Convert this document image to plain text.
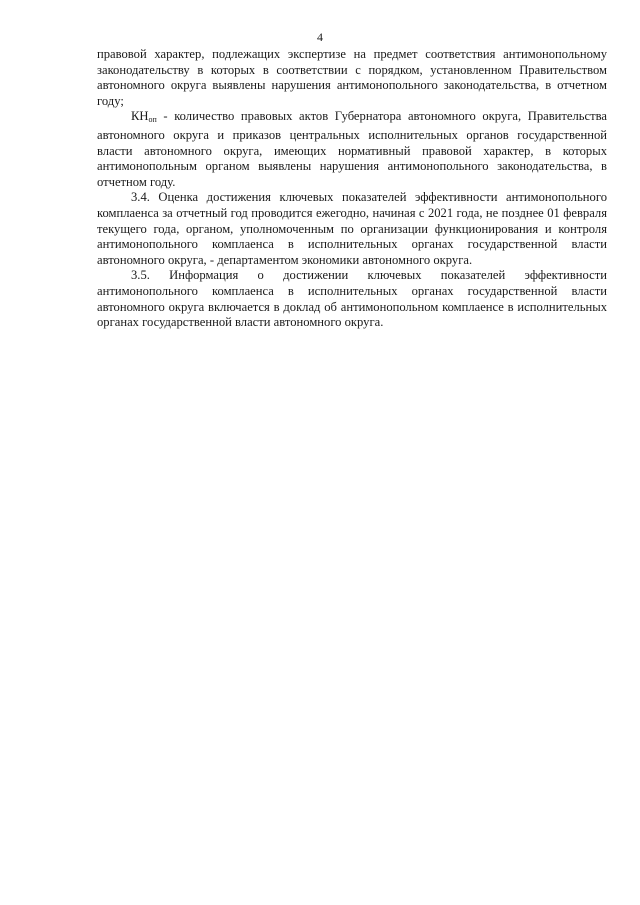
4

правовой характер, подлежащих экспертизе на предмет соответствия антимонопольному законодательству в которых в соответствии с порядком, установленном Правительством автономного округа выявлены нарушения антимонопольного законодательства, в отчетном году;

$КН_{оп}$ - количество правовых актов Губернатора автономного округа, Правительства автономного округа и приказов центральных исполнительных органов государственной власти автономного округа, имеющих нормативный правовой характер, в которых антимонопольным органом выявлены нарушения антимонопольного законодательства, в отчетном году.

3.4. Оценка достижения ключевых показателей эффективности антимонопольного комплаенса за отчетный год проводится ежегодно, начиная с 2021 года, не позднее 01 февраля текущего года, органом, уполномоченным по организации функционирования и контроля антимонопольного комплаенса в исполнительных органах государственной власти автономного округа, - департаментом экономики автономного округа.

3.5. Информация о достижении ключевых показателей эффективности антимонопольного комплаенса в исполнительных органах государственной власти автономного округа включается в доклад об антимонопольном комплаенсе в исполнительных органах государственной власти автономного округа.
